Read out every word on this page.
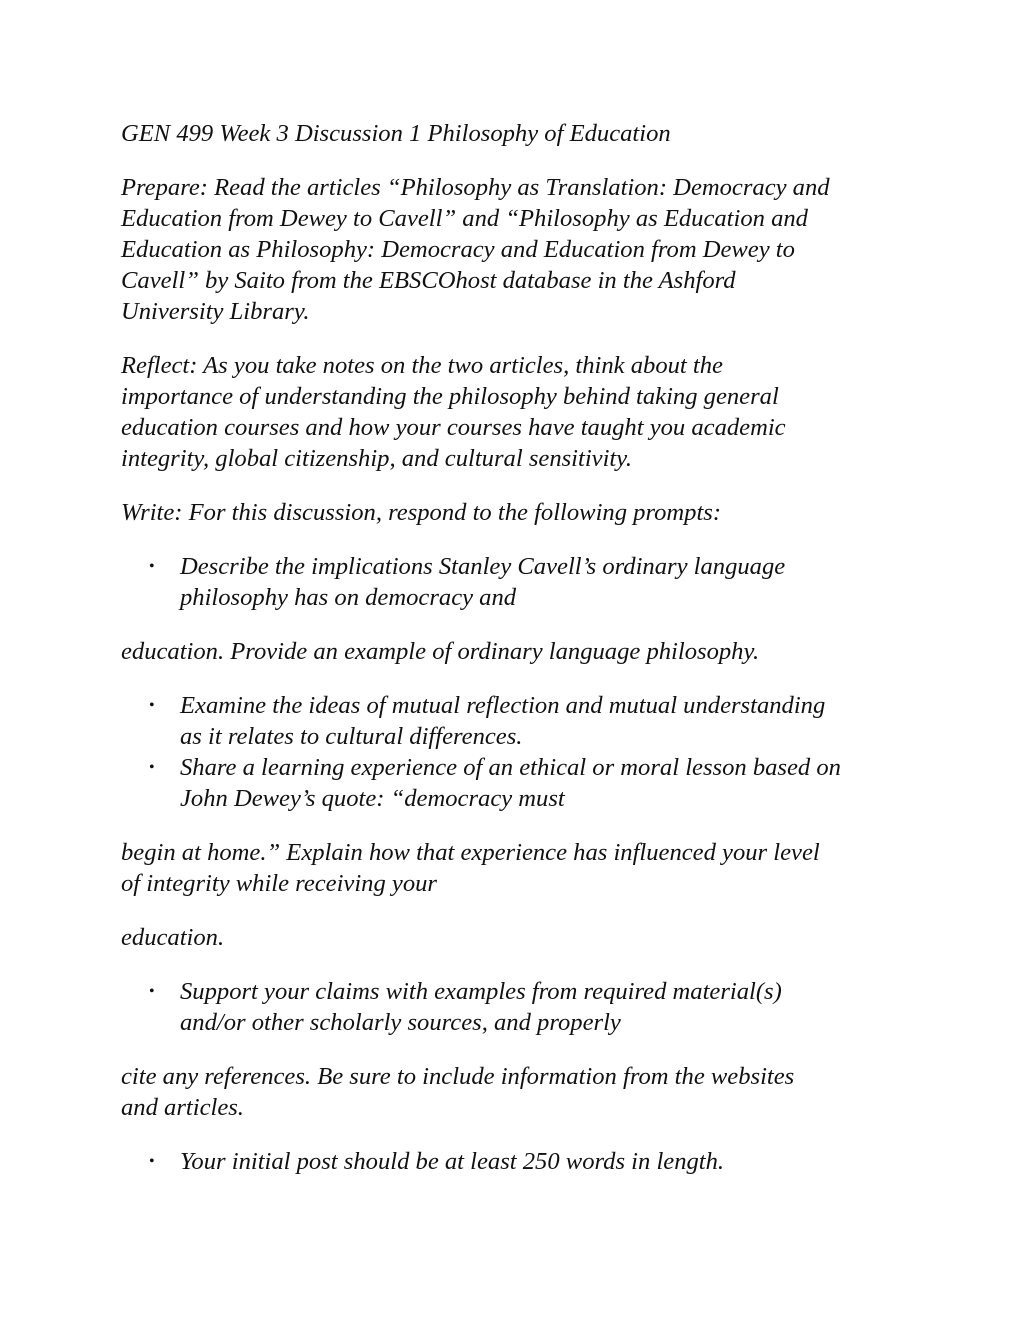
GEN 499 Week 3 Discussion 1 Philosophy of Education

Prepare: Read the articles “Philosophy as Translation: Democracy and
Education from Dewey to Cavell” and “Philosophy as Education and
Education as Philosophy: Democracy and Education from Dewey to
Cavell” by Saito from the EBSCOhost database in the Ashford
University Library.

Reflect: As you take notes on the two articles, think about the
importance of understanding the philosophy behind taking general
education courses and how your courses have taught you academic
integrity, global citizenship, and cultural sensitivity.

Write: For this discussion, respond to the following prompts:

• Describe the implications Stanley Cavell’s ordinary language
philosophy has on democracy and

education. Provide an example of ordinary language philosophy.

• Examine the ideas of mutual reflection and mutual understanding
as it relates to cultural differences.
• Share a learning experience of an ethical or moral lesson based on
John Dewey’s quote: “democracy must

begin at home.” Explain how that experience has influenced your level
of integrity while receiving your

education.

• Support your claims with examples from required material(s)
and/or other scholarly sources, and properly

cite any references. Be sure to include information from the websites
and articles.

• Your initial post should be at least 250 words in length.
